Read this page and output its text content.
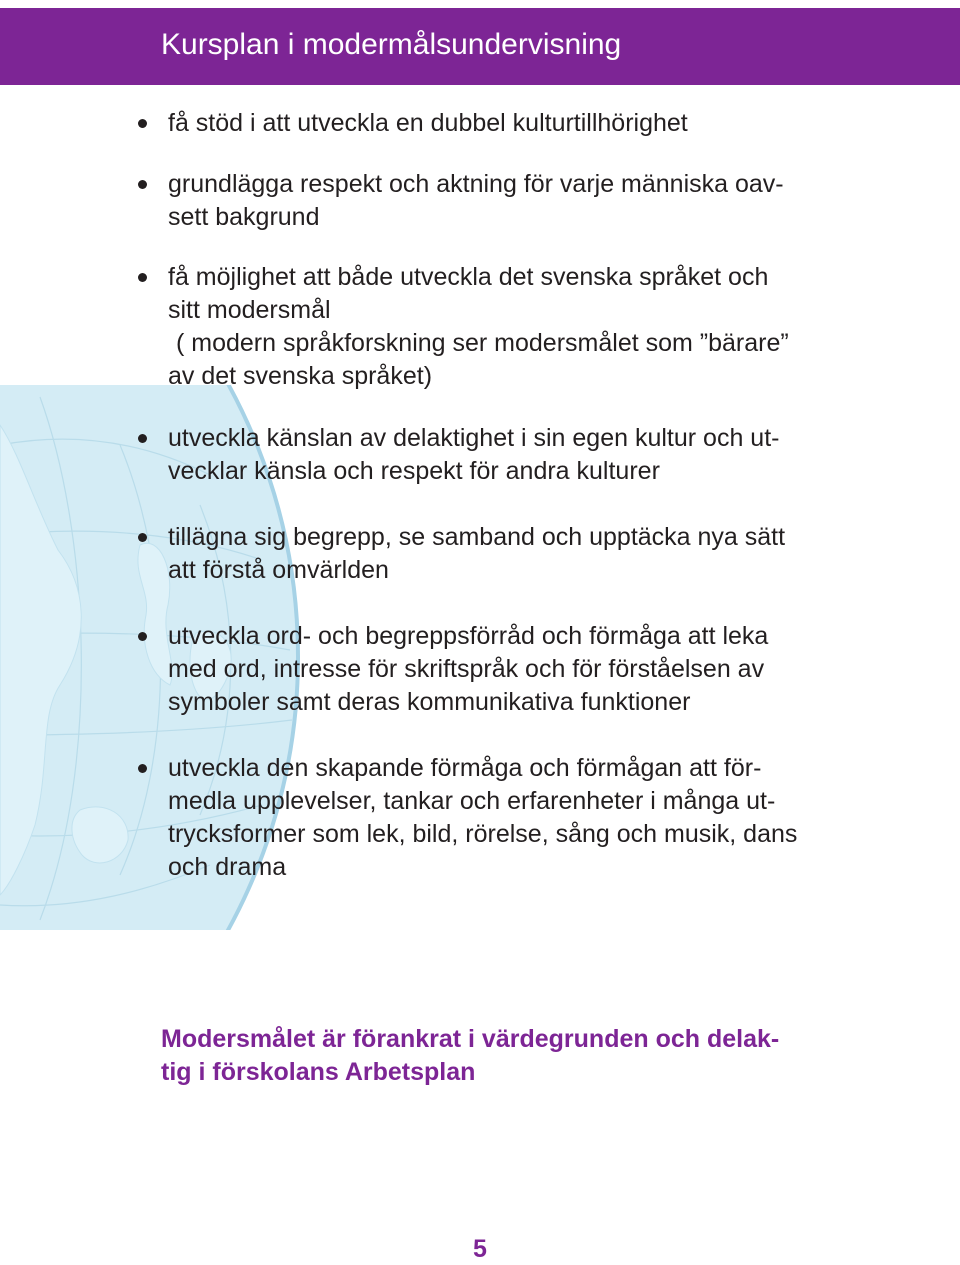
Kursplan i modermålsundervisning
få stöd i att utveckla en dubbel kulturtillhörighet
grundlägga respekt och aktning för varje människa oav-
sett bakgrund
få möjlighet att både utveckla det svenska språket och
sitt modersmål
( modern språkforskning ser modersmålet som ”bärare”
av det svenska språket)
utveckla känslan av delaktighet i sin egen kultur och ut-
vecklar känsla och respekt för andra kulturer
tillägna sig begrepp, se samband och upptäcka nya sätt
att förstå omvärlden
utveckla ord- och begreppsförråd och förmåga att leka
med ord, intresse för skriftspråk och för förståelsen av
symboler samt deras kommunikativa funktioner
utveckla den skapande förmåga och förmågan att för-
medla upplevelser, tankar och erfarenheter i många ut-
trycksformer som lek, bild, rörelse, sång och musik, dans
och drama
Modersmålet är förankrat i värdegrunden och delak-
tig i förskolans Arbetsplan
5
